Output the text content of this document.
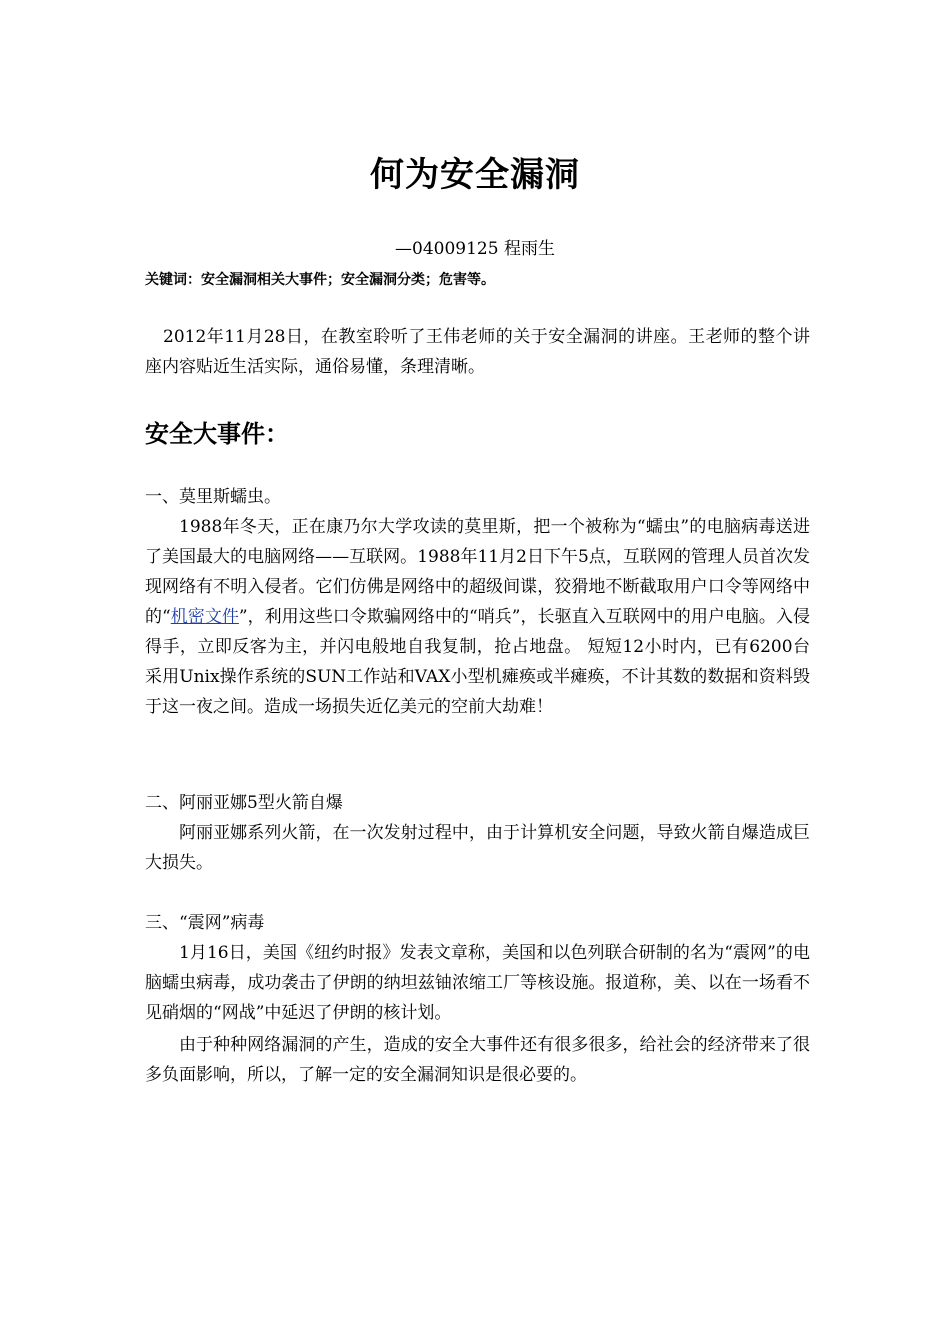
何为安全漏洞
—04009125 程雨生
关键词：安全漏洞相关大事件；安全漏洞分类；危害等。

2012年11月28日，在教室聆听了王伟老师的关于安全漏洞的讲座。王老师的整个讲座内容贴近生活实际，通俗易懂，条理清晰。

安全大事件：
一、莫里斯蠕虫。

1988年冬天，正在康乃尔大学攻读的莫里斯，把一个被称为“蠕虫”的电脑病毒送进了美国最大的电脑网络——互联网。1988年11月2日下午5点，互联网的管理人员首次发现网络有不明入侵者。它们仿佛是网络中的超级间谍，狡猾地不断截取用户口令等网络中的“机密文件”，利用这些口令欺骗网络中的“哨兵”，长驱直入互联网中的用户电脑。入侵得手，立即反客为主，并闪电般地自我复制，抢占地盘。 短短12小时内，已有6200台采用Unix操作系统的SUN工作站和VAX小型机瘫痪或半瘫痪，不计其数的数据和资料毁于这一夜之间。造成一场损失近亿美元的空前大劫难！

二、阿丽亚娜5型火箭自爆

阿丽亚娜系列火箭，在一次发射过程中，由于计算机安全问题，导致火箭自爆造成巨大损失。

三、“震网”病毒

1月16日，美国《纽约时报》发表文章称，美国和以色列联合研制的名为“震网”的电脑蠕虫病毒，成功袭击了伊朗的纳坦兹铀浓缩工厂等核设施。报道称，美、以在一场看不见硝烟的“网战”中延迟了伊朗的核计划。

由于种种网络漏洞的产生，造成的安全大事件还有很多很多，给社会的经济带来了很多负面影响，所以，了解一定的安全漏洞知识是很必要的。
